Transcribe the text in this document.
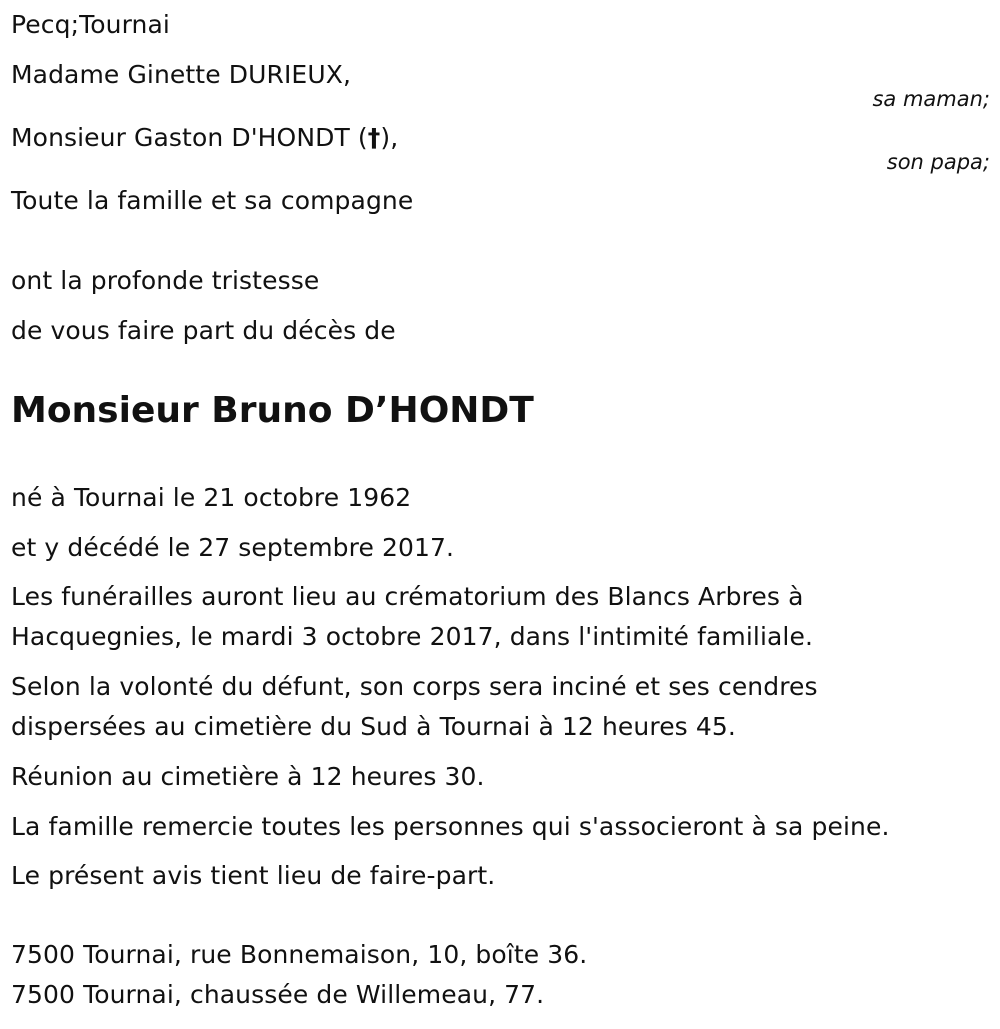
Pecq;Tournai
Madame Ginette DURIEUX,
sa maman;
Monsieur Gaston D'HONDT (†),
son papa;
Toute la famille et sa compagne
ont la profonde tristesse
de vous faire part du décès de
Monsieur Bruno D’HONDT
né à Tournai le 21 octobre 1962
et y décédé le 27 septembre 2017.
Les funérailles auront lieu au crématorium des Blancs Arbres à
Hacquegnies, le mardi 3 octobre 2017, dans l'intimité familiale.
Selon la volonté du défunt, son corps sera inciné et ses cendres
dispersées au cimetière du Sud à Tournai à 12 heures 45.
Réunion au cimetière à 12 heures 30.
La famille remercie toutes les personnes qui s'associeront à sa peine.
Le présent avis tient lieu de faire-part.
7500 Tournai, rue Bonnemaison, 10, boîte 36.
7500 Tournai, chaussée de Willemeau, 77.
